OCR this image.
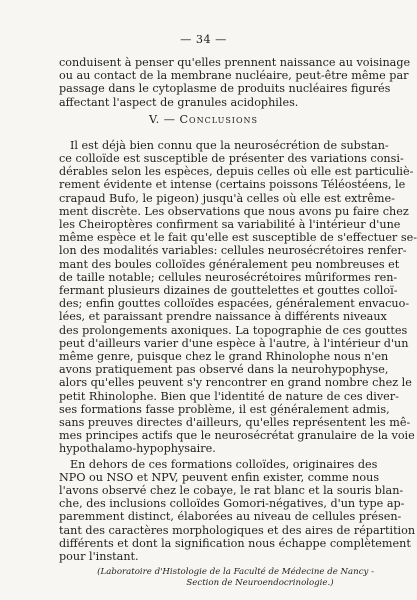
— 34 —
conduisent à penser qu'elles prennent naissance au voisinage
ou au contact de la membrane nucléaire, peut-être même par
passage dans le cytoplasme de produits nucléaires figurés
affectant l'aspect de granules acidophiles.
V. — Conclusions
Il est déjà bien connu que la neurosécrétion de substan-
ce colloïde est susceptible de présenter des variations consi-
dérables selon les espèces, depuis celles où elle est particuliè-
rement évidente et intense (certains poissons Téléostéens, le
crapaud Bufo, le pigeon) jusqu'à celles où elle est extrême-
ment discrète. Les observations que nous avons pu faire chez
les Cheiroptères confirment sa variabilité à l'intérieur d'une
même espèce et le fait qu'elle est susceptible de s'effectuer se-
lon des modalités variables: cellules neurosécrétoires renfer-
mant des boules colloïdes généralement peu nombreuses et
de taille notable; cellules neurosécrétoires mûriformes ren-
fermant plusieurs dizaines de gouttelettes et gouttes colloï-
des; enfin gouttes colloïdes espacées, généralement envacuo-
lées, et paraissant prendre naissance à différents niveaux
des prolongements axoniques. La topographie de ces gouttes
peut d'ailleurs varier d'une espèce à l'autre, à l'intérieur d'un
même genre, puisque chez le grand Rhinolophe nous n'en
avons pratiquement pas observé dans la neurohypophyse,
alors qu'elles peuvent s'y rencontrer en grand nombre chez le
petit Rhinolophe. Bien que l'identité de nature de ces diver-
ses formations fasse problème, il est généralement admis,
sans preuves directes d'ailleurs, qu'elles représentent les mê-
mes principes actifs que le neurosécrétat granulaire de la voie
hypothalamo-hypophysaire.
En dehors de ces formations colloïdes, originaires des
NPO ou NSO et NPV, peuvent enfin exister, comme nous
l'avons observé chez le cobaye, le rat blanc et la souris blan-
che, des inclusions colloïdes Gomori-négatives, d'un type ap-
paremment distinct, élaborées au niveau de cellules présen-
tant des caractères morphologiques et des aires de répartition
différents et dont la signification nous échappe complètement
pour l'instant.
(Laboratoire d'Histologie de la Faculté de Médecine de Nancy -
Section de Neuroendocrinologie.)
